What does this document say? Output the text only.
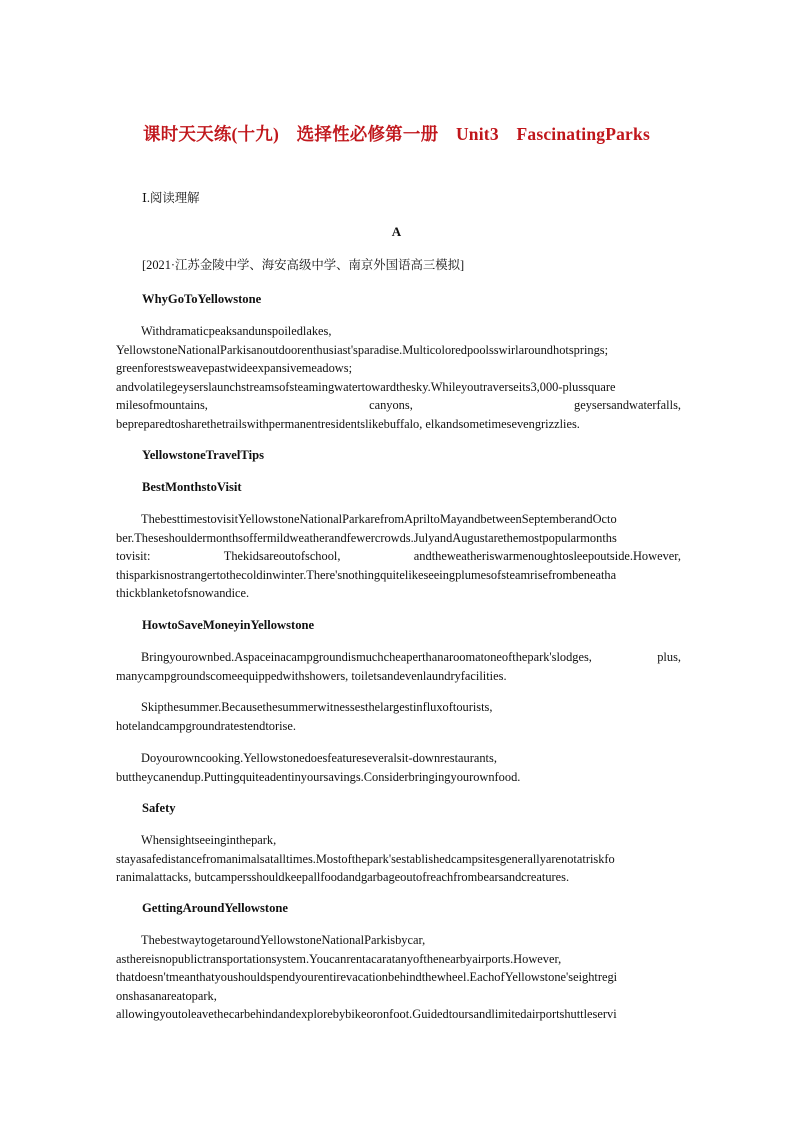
课时天天练(十九)　选择性必修第一册　Unit3　FascinatingParks
Ⅰ.阅读理解
A
[2021·江苏金陵中学、海安高级中学、南京外国语高三模拟]
WhyGoToYellowstone
Withdramaticpeaksandunspoiledlakes,
YellowstoneNationalParkisanoutdoorenthusiast'sparadise.Multicoloredpoolsswirlaroundhotsprings;
greenforestsweavepastwideexpansivemeadows;
andvolatilegeyserslaunchstreamsofsteamingwatertowardthesky.Whileyoutraverseits3,000-plussquare
milesofmountains,　　　　　　　canyons,　　　　　　　geysersandwaterfalls,
bepreparedtosharethetrailswithpermanentresidentslikebuffalo, elkandsometimesevengrizzlies.
YellowstoneTravelTips
BestMonthstoVisit
ThebesttimestovisitYellowstoneNationalParkarefromApriltoMayandbetweenSeptemberandOcto
ber.Theseshouldermonthsoffermildweatherandfewercrowds.JulyandAugustarethemostpopularmonths
tovisit:　　　Thekidsareoutofschool,　　　andtheweatheriswarmenoughtosleepoutside.However,
thisparkisnostrangertothecoldinwinter.There'snothingquitelikeseeingplumesofsteamrisefrombeneatha
thickblanketofsnowandice.
HowtoSaveMoneyinYellowstone
Bringyourownbed.Aspaceinacampgroundismuchcheaperthanaroomatoneofthepark'slodges, plus,
manycampgroundscomeequippedwithshowers, toiletsandevenlaundryfacilities.
Skipthesummer.Becausethesummerwitnessesthelargestinfluxoftourists,
hotelandcampgroundratestendtorise.
Doyourowncooking.Yellowstonedoesfeatureseveralsit-downrestaurants,
buttheycanendup.Puttingquiteadentinyoursavings.Considerbringingyourownfood.
Safety
Whensightseeinginthepark,
stayasafedistancefromanimalsatalltimes.Mostofthepark'sestablishedcampsitesgenerallyarenotatriskfo
ranimalattacks, butcampersshouldkeepallfoodandgarbageoutofreachfrombearsandcreatures.
GettingAroundYellowstone
ThebestwaytogetaroundYellowstoneNationalParkisbycar,
asthereisnopublictransportationsystem.Youcanrentacaratanyofthenearbyairports.However,
thatdoesn'tmeanthatyoushouldspendyourentirevacationbehindthewheel.EachofYellowstone'seightregi
onshasanareatopark,
allowingyoutoleavethecarbehindandexplorebybikeoronfoot.Guidedtoursandlimitedairportshuttleservi
